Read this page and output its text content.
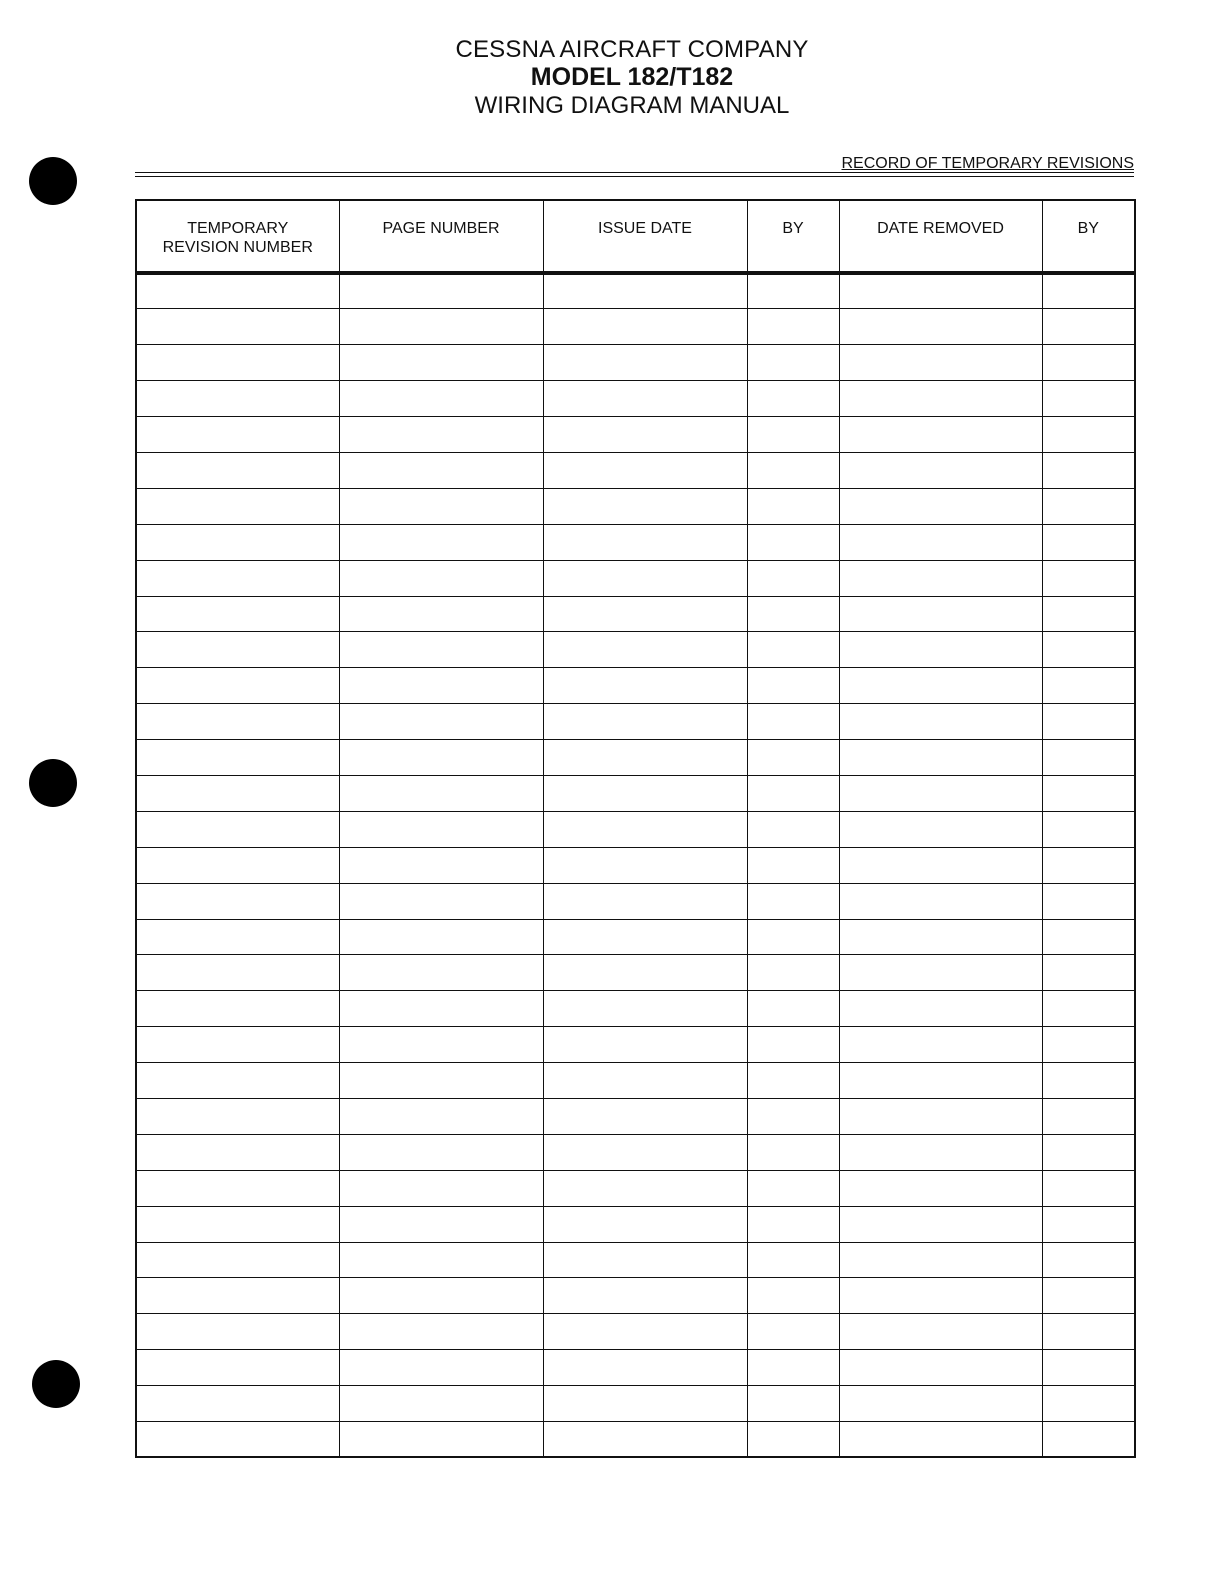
CESSNA AIRCRAFT COMPANY
MODEL 182/T182
WIRING DIAGRAM MANUAL
RECORD OF TEMPORARY REVISIONS
TEMPORARY
REVISION NUMBER	PAGE NUMBER	ISSUE DATE	BY	DATE REMOVED	BY
